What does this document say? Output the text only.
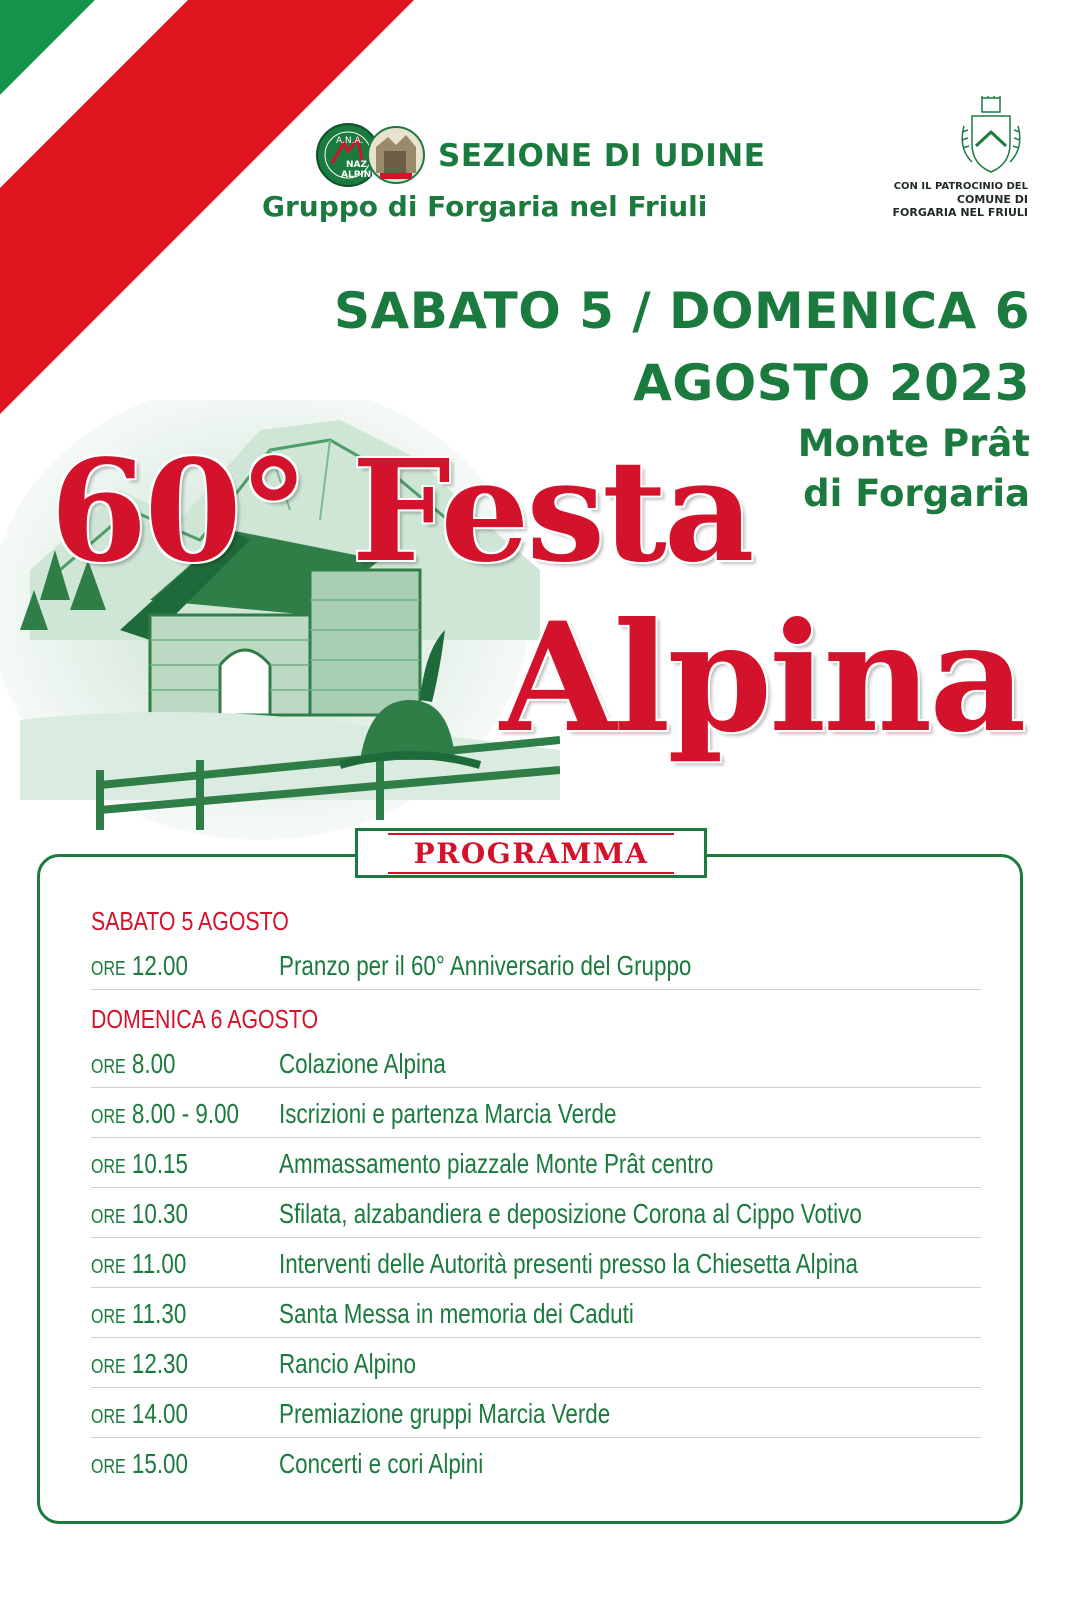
A.N.A.
NAZ
ALPINI
SEZIONE DI UDINE
Gruppo di Forgaria nel Friuli
CON IL PATROCINIO DEL
COMUNE DI
FORGARIA NEL FRIULI
SABATO 5 / DOMENICA 6
AGOSTO 2023
Monte Prât
di Forgaria
60° Festa
Alpina
PROGRAMMA
SABATO 5 AGOSTO
ORE 12.00	Pranzo per il 60° Anniversario del Gruppo
DOMENICA 6 AGOSTO
ORE 8.00	Colazione Alpina
ORE 8.00 - 9.00 Iscrizioni e partenza Marcia Verde
ORE 10.15	Ammassamento piazzale Monte Prât centro
ORE 10.30	Sfilata, alzabandiera e deposizione Corona al Cippo Votivo
ORE 11.00	Interventi delle Autorità presenti presso la Chiesetta Alpina
ORE 11.30	Santa Messa in memoria dei Caduti
ORE 12.30	Rancio Alpino
ORE 14.00	Premiazione gruppi Marcia Verde
ORE 15.00	Concerti e cori Alpini
